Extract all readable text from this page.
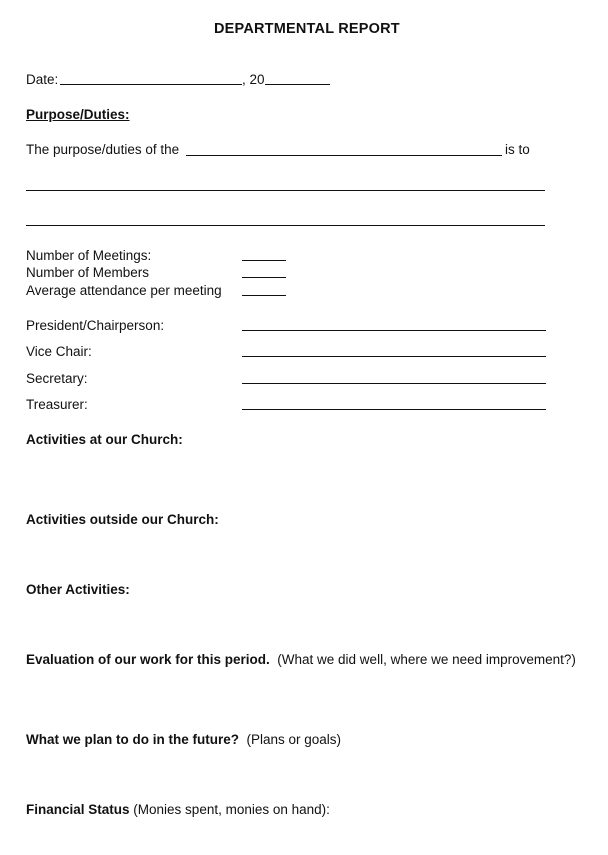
DEPARTMENTAL REPORT
Date:	, 20
Purpose/Duties:
The purpose/duties of the	is to
Number of Meetings:
Number of Members
Average attendance per meeting
President/Chairperson:
Vice Chair:
Secretary:
Treasurer:
Activities at our Church:
Activities outside our Church:
Other Activities:
Evaluation of our work for this period. (What we did well, where we need improvement?)
What we plan to do in the future? (Plans or goals)
Financial Status (Monies spent, monies on hand):
